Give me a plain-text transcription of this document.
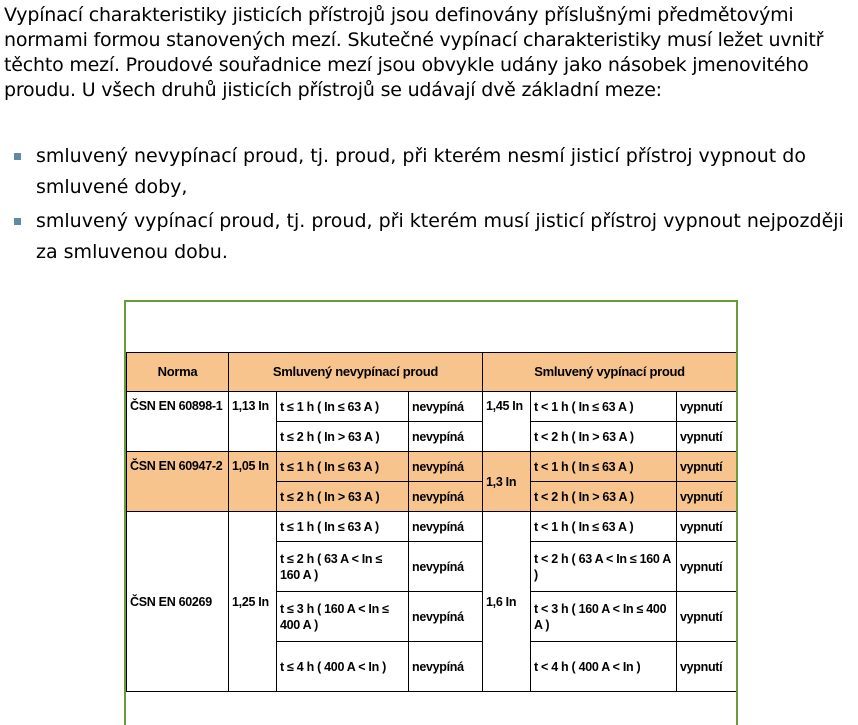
Vypínací charakteristiky jisticích přístrojů jsou definovány příslušnými předmětovými normami formou stanovených mezí. Skutečné vypínací charakteristiky musí ležet uvnitř těchto mezí. Proudové souřadnice mezí jsou obvykle udány jako násobek jmenovitého proudu. U všech druhů jisticích přístrojů se udávají dvě základní meze:

smluvený nevypínací proud, tj. proud, při kterém nesmí jisticí přístroj vypnout do smluvené doby,
smluvený vypínací proud, tj. proud, při kterém musí jisticí přístroj vypnout nejpozději za smluvenou dobu.
Norma	Smluvený nevypínací proud			Smluvený vypínací proud		
ČSN EN 60898-1	1,13 In	t ≤ 1 h ( In ≤ 63 A )	nevypíná	1,45 In	t < 1 h ( In ≤ 63 A )	vypnutí
		t ≤ 2 h ( In > 63 A )	nevypíná		t < 2 h ( In > 63 A )	vypnutí
ČSN EN 60947-2	1,05 In	t ≤ 1 h ( In ≤ 63 A )	nevypíná	1,3 In	t < 1 h ( In ≤ 63 A )	vypnutí
		t ≤ 2 h ( In > 63 A )	nevypíná		t < 2 h ( In > 63 A )	vypnutí
ČSN EN 60269	1,25 In	t ≤ 1 h ( In ≤ 63 A )	nevypíná	1,6 In	t < 1 h ( In ≤ 63 A )	vypnutí
		t ≤ 2 h ( 63 A < In ≤ 160 A )	nevypíná		t < 2 h ( 63 A < In ≤ 160 A )	vypnutí
		t ≤ 3 h ( 160 A < In ≤ 400 A )	nevypíná		t < 3 h ( 160 A < In ≤ 400 A )	vypnutí
		t ≤ 4 h ( 400 A < In )	nevypíná		t < 4 h ( 400 A < In )	vypnutí
